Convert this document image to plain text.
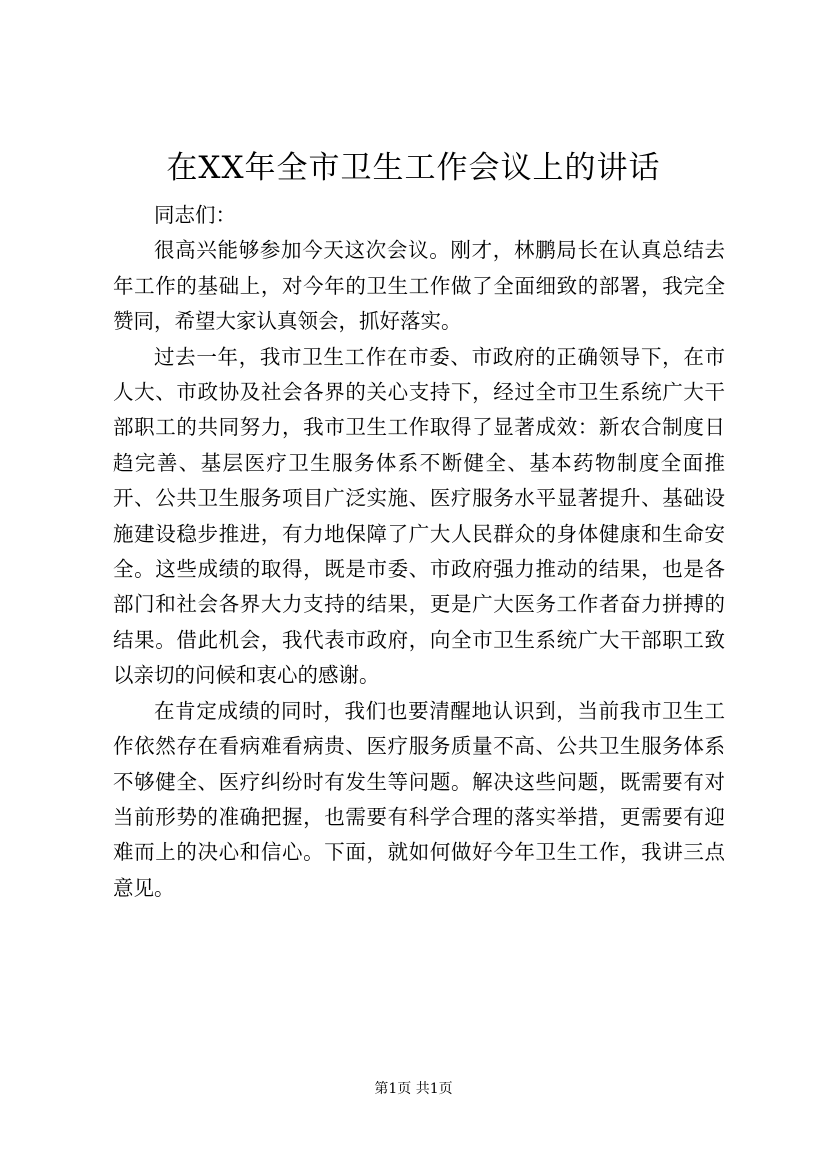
在XX年全市卫生工作会议上的讲话

同志们：

很高兴能够参加今天这次会议。刚才，林鹏局长在认真总结去年工作的基础上，对今年的卫生工作做了全面细致的部署，我完全赞同，希望大家认真领会，抓好落实。

过去一年，我市卫生工作在市委、市政府的正确领导下，在市人大、市政协及社会各界的关心支持下，经过全市卫生系统广大干部职工的共同努力，我市卫生工作取得了显著成效：新农合制度日趋完善、基层医疗卫生服务体系不断健全、基本药物制度全面推开、公共卫生服务项目广泛实施、医疗服务水平显著提升、基础设施建设稳步推进，有力地保障了广大人民群众的身体健康和生命安全。这些成绩的取得，既是市委、市政府强力推动的结果，也是各部门和社会各界大力支持的结果，更是广大医务工作者奋力拼搏的结果。借此机会，我代表市政府，向全市卫生系统广大干部职工致以亲切的问候和衷心的感谢。

在肯定成绩的同时，我们也要清醒地认识到，当前我市卫生工作依然存在看病难看病贵、医疗服务质量不高、公共卫生服务体系不够健全、医疗纠纷时有发生等问题。解决这些问题，既需要有对当前形势的准确把握，也需要有科学合理的落实举措，更需要有迎难而上的决心和信心。下面，就如何做好今年卫生工作，我讲三点意见。

第1页 共1页
